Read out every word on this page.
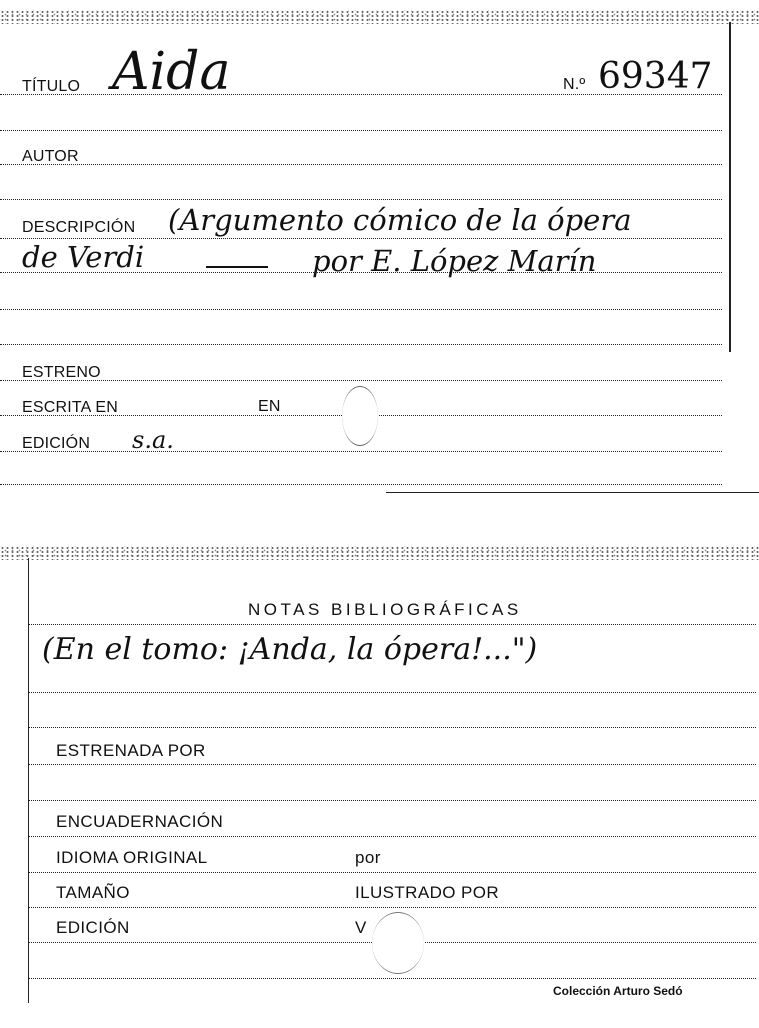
TÍTULO Aida	N.º 69347
AUTOR
DESCRIPCIÓN (Argumento cómico de la ópera
de Verdi	por E. López Marín
ESTRENO
ESCRITA EN	EN
EDICIÓN s.a.
NOTAS BIBLIOGRÁFICAS
(En el tomo: ¡Anda, la ópera!...")
ESTRENADA POR
ENCUADERNACIÓN
IDIOMA ORIGINAL	por
TAMAÑO	ILUSTRADO POR
EDICIÓN	V
Colección Arturo Sedó
